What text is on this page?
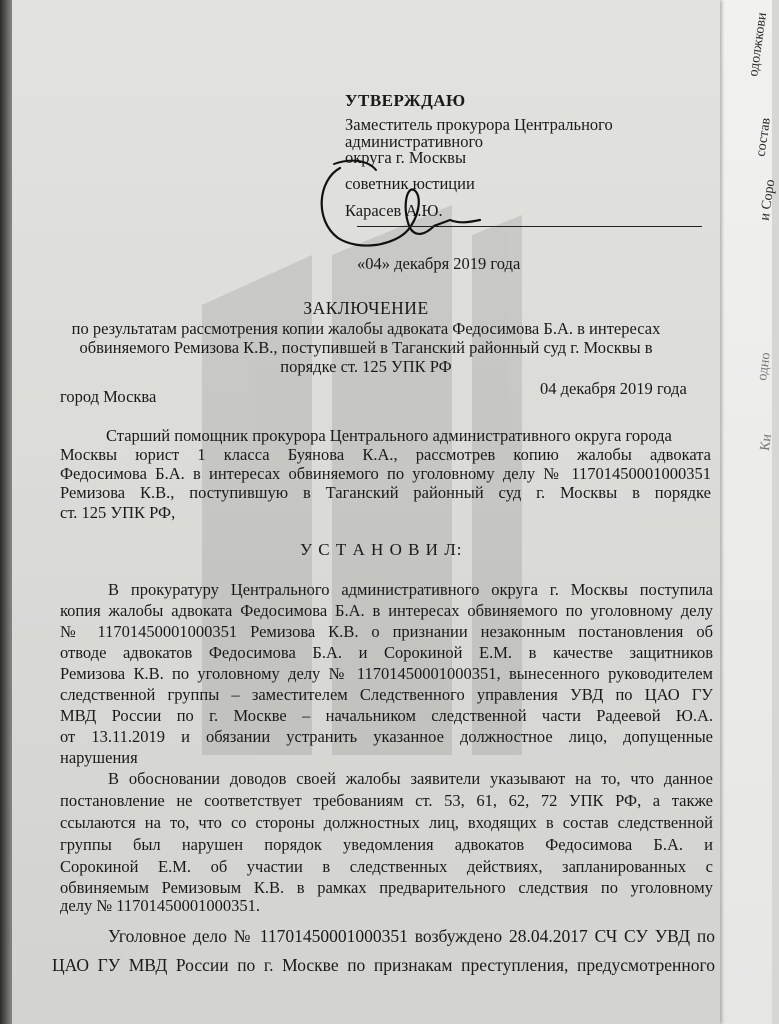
одолжкови
состав
и Соро
одно
Ки
УТВЕРЖДАЮ
Заместитель прокурора Центрального
административного
округа г. Москвы
советник юстиции
Карасев А.Ю.
«04» декабря 2019 года
ЗАКЛЮЧЕНИЕ
по результатам рассмотрения копии жалобы адвоката Федосимова Б.А. в интересах
обвиняемого Ремизова К.В., поступившей в Таганский районный суд г. Москвы в
порядке ст. 125 УПК РФ
город Москва	04 декабря 2019 года
Старший помощник прокурора Центрального административного округа города
Москвы юрист 1 класса Буянова К.А., рассмотрев копию жалобы адвоката
Федосимова Б.А. в интересах обвиняемого по уголовному делу № 11701450001000351
Ремизова К.В., поступившую в Таганский районный суд г. Москвы в порядке
ст. 125 УПК РФ,
У С Т А Н О В И Л:
В прокуратуру Центрального административного округа г. Москвы поступила
копия жалобы адвоката Федосимова Б.А. в интересах обвиняемого по уголовному делу
№ 11701450001000351 Ремизова К.В. о признании незаконным постановления об
отводе адвокатов Федосимова Б.А. и Сорокиной Е.М. в качестве защитников
Ремизова К.В. по уголовному делу № 11701450001000351, вынесенного руководителем
следственной группы – заместителем Следственного управления УВД по ЦАО ГУ
МВД России по г. Москве – начальником следственной части Радеевой Ю.А.
от 13.11.2019 и обязании устранить указанное должностное лицо, допущенные
нарушения
В обосновании доводов своей жалобы заявители указывают на то, что данное
постановление не соответствует требованиям ст. 53, 61, 62, 72 УПК РФ, а также
ссылаются на то, что со стороны должностных лиц, входящих в состав следственной
группы был нарушен порядок уведомления адвокатов Федосимова Б.А. и
Сорокиной Е.М. об участии в следственных действиях, запланированных с
обвиняемым Ремизовым К.В. в рамках предварительного следствия по уголовному
делу № 11701450001000351.
Уголовное дело № 11701450001000351 возбуждено 28.04.2017 СЧ СУ УВД по
ЦАО ГУ МВД России по г. Москве по признакам преступления, предусмотренного
